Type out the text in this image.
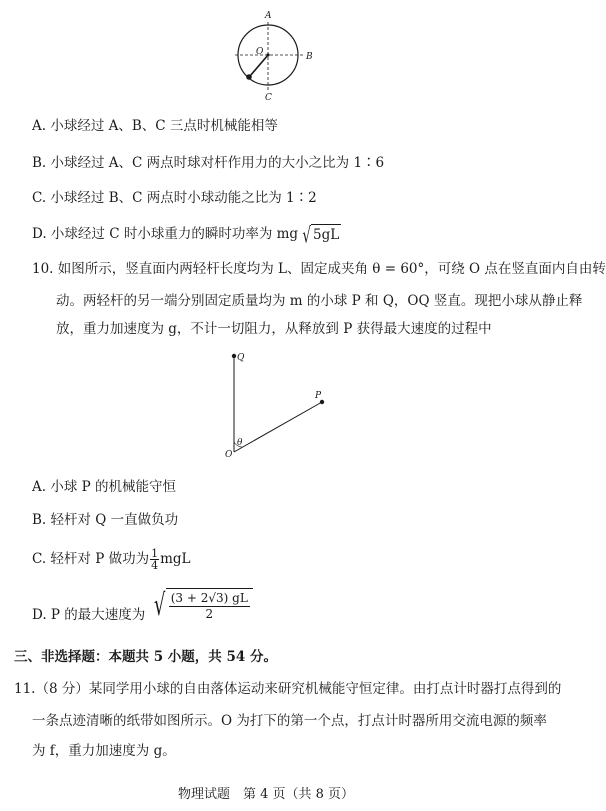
A
B
C
O
A. 小球经过 A、B、C 三点时机械能相等
B. 小球经过 A、C 两点时球对杆作用力的大小之比为 1∶6
C. 小球经过 B、C 两点时小球动能之比为 1∶2
D. 小球经过 C 时小球重力的瞬时功率为 mg √ 5gL
10. 如图所示，竖直面内两轻杆长度均为 L、固定成夹角 θ = 60°，可绕 O 点在竖直面内自由转
动。两轻杆的另一端分别固定质量均为 m 的小球 P 和 Q，OQ 竖直。现把小球从静止释
放，重力加速度为 g，不计一切阻力，从释放到 P 获得最大速度的过程中
Q
P
O
θ
A. 小球 P 的机械能守恒
B. 轻杆对 Q 一直做负功
C. 轻杆对 P 做功为 $\frac{1}{4}$ mgL
D. P 的最大速度为 √ $\frac{(3 + 2√3) gL}{2}$
三、非选择题：本题共 5 小题，共 54 分。
11.（8 分）某同学用小球的自由落体运动来研究机械能守恒定律。由打点计时器打点得到的
一条点迹清晰的纸带如图所示。O 为打下的第一个点，打点计时器所用交流电源的频率
为 f，重力加速度为 g。
物理试题　第 4 页（共 8 页）
